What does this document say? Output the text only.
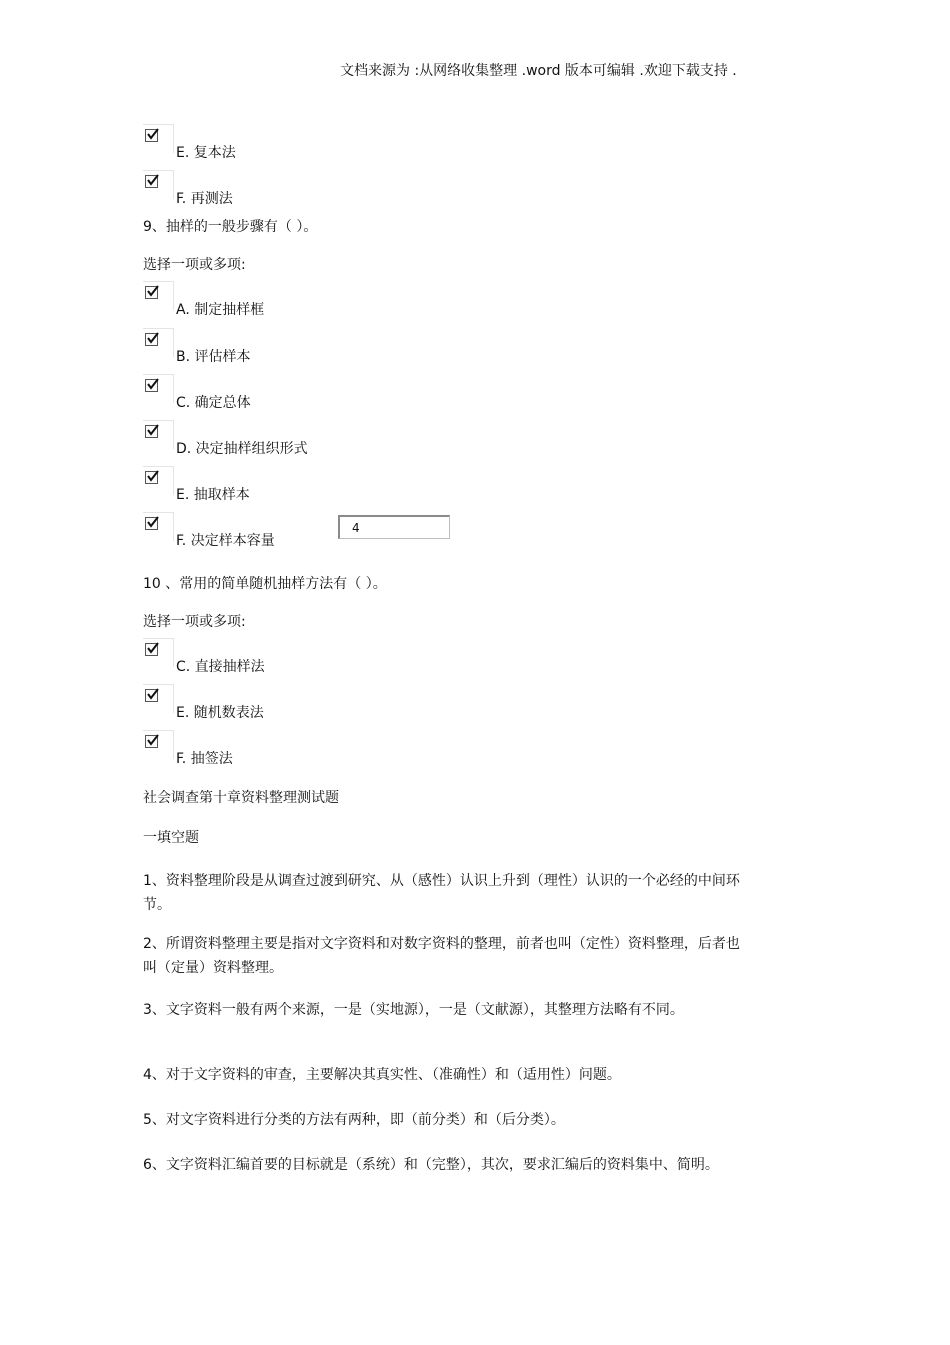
文档来源为 :从网络收集整理 .word 版本可编辑 .欢迎下载支持 .
E. 复本法
F. 再测法
9、抽样的一般步骤有（ ）。
选择一项或多项:
A. 制定抽样框
B. 评估样本
C. 确定总体
D. 决定抽样组织形式
E. 抽取样本
F. 决定样本容量
4
10 、常用的简单随机抽样方法有（ ）。
选择一项或多项:
C. 直接抽样法
E. 随机数表法
F. 抽签法
社会调查第十章资料整理测试题
一填空题
1、资料整理阶段是从调查过渡到研究、从（感性）认识上升到（理性）认识的一个必经的中间环节。
2、所谓资料整理主要是指对文字资料和对数字资料的整理，前者也叫（定性）资料整理，后者也叫（定量）资料整理。
3、文字资料一般有两个来源，一是（实地源），一是（文献源），其整理方法略有不同。
4、对于文字资料的审查，主要解决其真实性、（准确性）和（适用性）问题。
5、对文字资料进行分类的方法有两种，即（前分类）和（后分类）。
6、文字资料汇编首要的目标就是（系统）和（完整），其次，要求汇编后的资料集中、简明。
